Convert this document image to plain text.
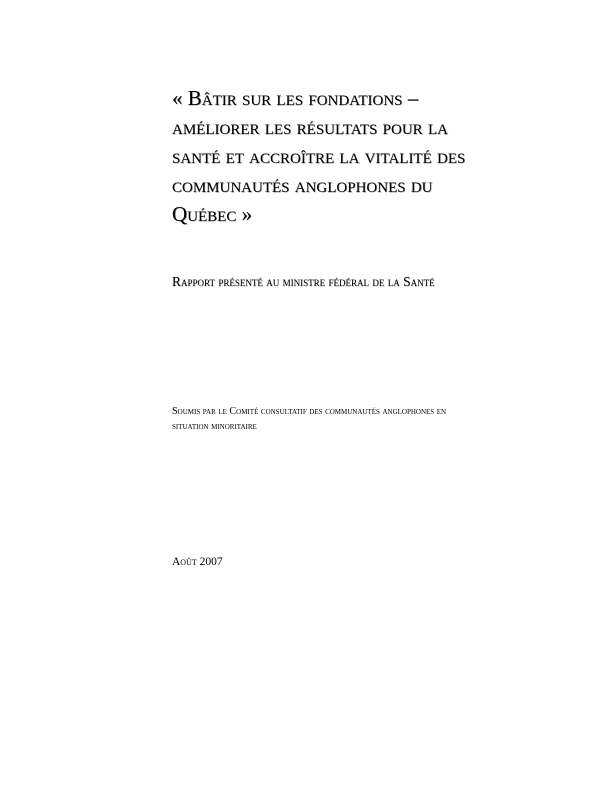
« Bâtir sur les fondations –
améliorer les résultats pour la
santé et accroître la vitalité des
communautés anglophones du
Québec »
Rapport présenté au ministre fédéral de la Santé
Soumis par le Comité consultatif des communautés anglophones en
situation minoritaire
Août 2007
